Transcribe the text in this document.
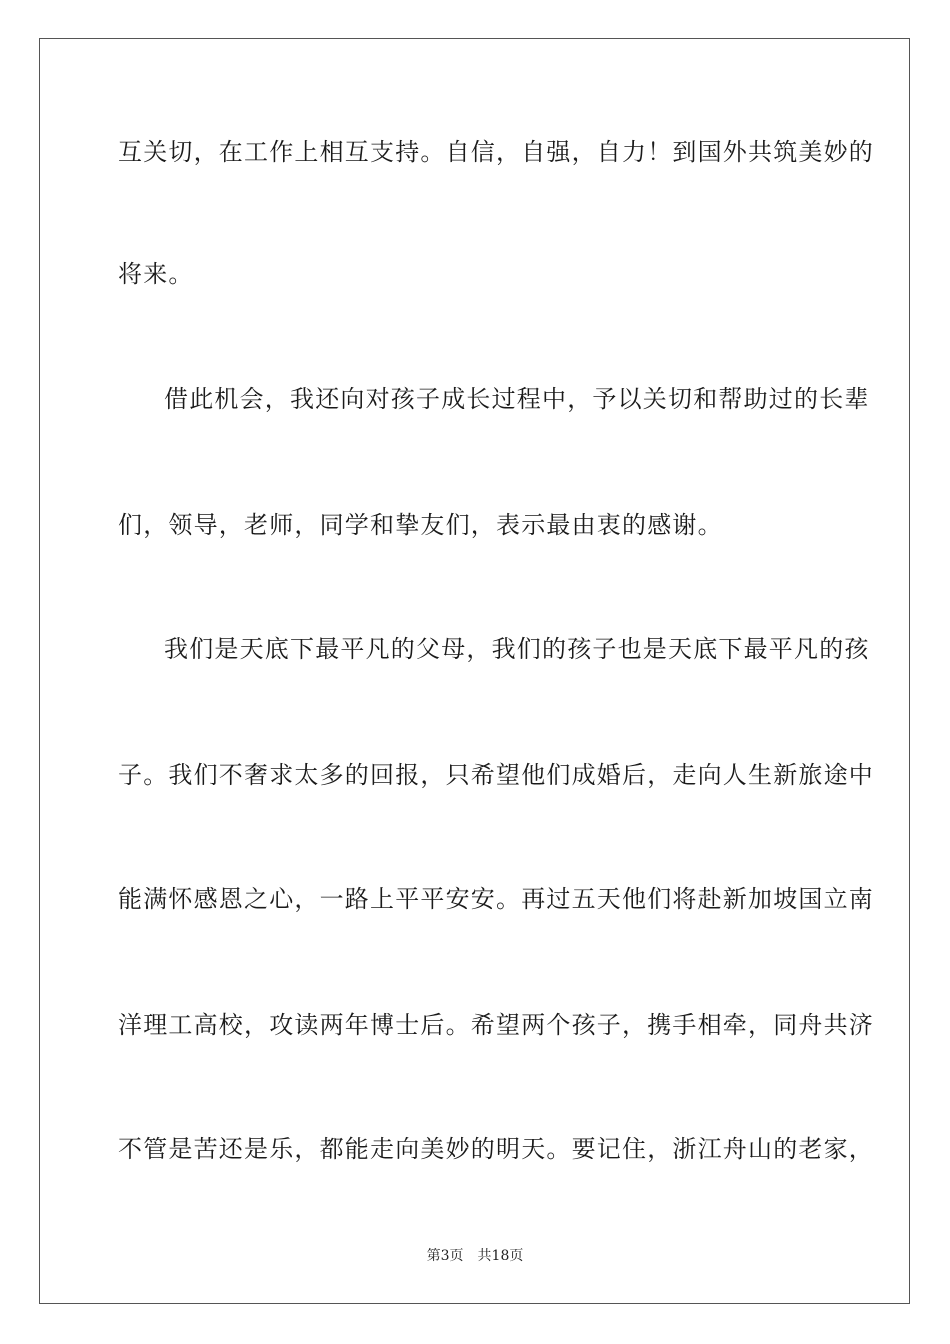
互关切，在工作上相互支持。自信，自强，自力！到国外共筑美妙的
将来。
借此机会，我还向对孩子成长过程中，予以关切和帮助过的长辈
们，领导，老师，同学和挚友们，表示最由衷的感谢。
我们是天底下最平凡的父母，我们的孩子也是天底下最平凡的孩
子。我们不奢求太多的回报，只希望他们成婚后，走向人生新旅途中
能满怀感恩之心，一路上平平安安。再过五天他们将赴新加坡国立南
洋理工高校，攻读两年博士后。希望两个孩子，携手相牵，同舟共济
不管是苦还是乐，都能走向美妙的明天。要记住，浙江舟山的老家，
第3页 共18页
